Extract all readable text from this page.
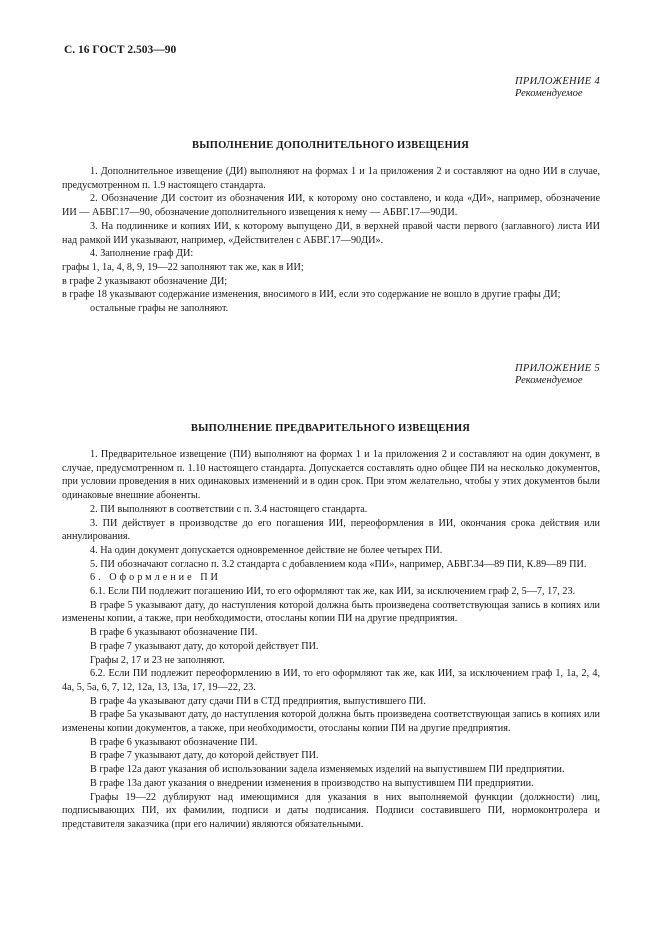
С. 16 ГОСТ 2.503—90
ПРИЛОЖЕНИЕ 4
Рекомендуемое
ВЫПОЛНЕНИЕ ДОПОЛНИТЕЛЬНОГО ИЗВЕЩЕНИЯ

1. Дополнительное извещение (ДИ) выполняют на формах 1 и 1а приложения 2 и составляют на одно ИИ в случае, предусмотренном п. 1.9 настоящего стандарта.

2. Обозначение ДИ состоит из обозначения ИИ, к которому оно составлено, и кода «ДИ», например, обозначение ИИ — АБВГ.17—90, обозначение дополнительного извещения к нему — АБВГ.17—90ДИ.

3. На подлиннике и копиях ИИ, к которому выпущено ДИ, в верхней правой части первого (заглавного) листа ИИ над рамкой ИИ указывают, например, «Действителен с АБВГ.17—90ДИ».

4. Заполнение граф ДИ:

графы 1, 1а, 4, 8, 9, 19—22 заполняют так же, как в ИИ;

в графе 2 указывают обозначение ДИ;

в графе 18 указывают содержание изменения, вносимого в ИИ, если это содержание не вошло в другие графы ДИ;

остальные графы не заполняют.

ПРИЛОЖЕНИЕ 5
Рекомендуемое
ВЫПОЛНЕНИЕ ПРЕДВАРИТЕЛЬНОГО ИЗВЕЩЕНИЯ

1. Предварительное извещение (ПИ) выполняют на формах 1 и 1а приложения 2 и составляют на один документ, в случае, предусмотренном п. 1.10 настоящего стандарта. Допускается составлять одно общее ПИ на несколько документов, при условии проведения в них одинаковых изменений и в один срок. При этом желательно, чтобы у этих документов были одинаковые внешние абоненты.

2. ПИ выполняют в соответствии с п. 3.4 настоящего стандарта.

3. ПИ действует в производстве до его погашения ИИ, переоформления в ИИ, окончания срока действия или аннулирования.

4. На один документ допускается одновременное действие не более четырех ПИ.

5. ПИ обозначают согласно п. 3.2 стандарта с добавлением кода «ПИ», например, АБВГ.34—89 ПИ, К.89—89 ПИ.

6. Оформление ПИ

6.1. Если ПИ подлежит погашению ИИ, то его оформляют так же, как ИИ, за исключением граф 2, 5—7, 17, 23.

В графе 5 указывают дату, до наступления которой должна быть произведена соответствующая запись в копиях или изменены копии, а также, при необходимости, отосланы копии ПИ на другие предприятия.

В графе 6 указывают обозначение ПИ.

В графе 7 указывают дату, до которой действует ПИ.

Графы 2, 17 и 23 не заполняют.

6.2. Если ПИ подлежит переоформлению в ИИ, то его оформляют так же, как ИИ, за исключением граф 1, 1а, 2, 4, 4а, 5, 5а, 6, 7, 12, 12а, 13, 13а, 17, 19—22, 23.

В графе 4а указывают дату сдачи ПИ в СТД предприятия, выпустившего ПИ.

В графе 5а указывают дату, до наступления которой должна быть произведена соответствующая запись в копиях или изменены копии документов, а также, при необходимости, отосланы копии ПИ на другие предприятия.

В графе 6 указывают обозначение ПИ.

В графе 7 указывают дату, до которой действует ПИ.

В графе 12а дают указания об использовании задела изменяемых изделий на выпустившем ПИ предприятии.

В графе 13а дают указания о внедрении изменения в производство на выпустившем ПИ предприятии.

Графы 19—22 дублируют над имеющимися для указания в них выполняемой функции (должности) лиц, подписывающих ПИ, их фамилии, подписи и даты подписания. Подписи составившего ПИ, нормоконтролера и представителя заказчика (при его наличии) являются обязательными.
